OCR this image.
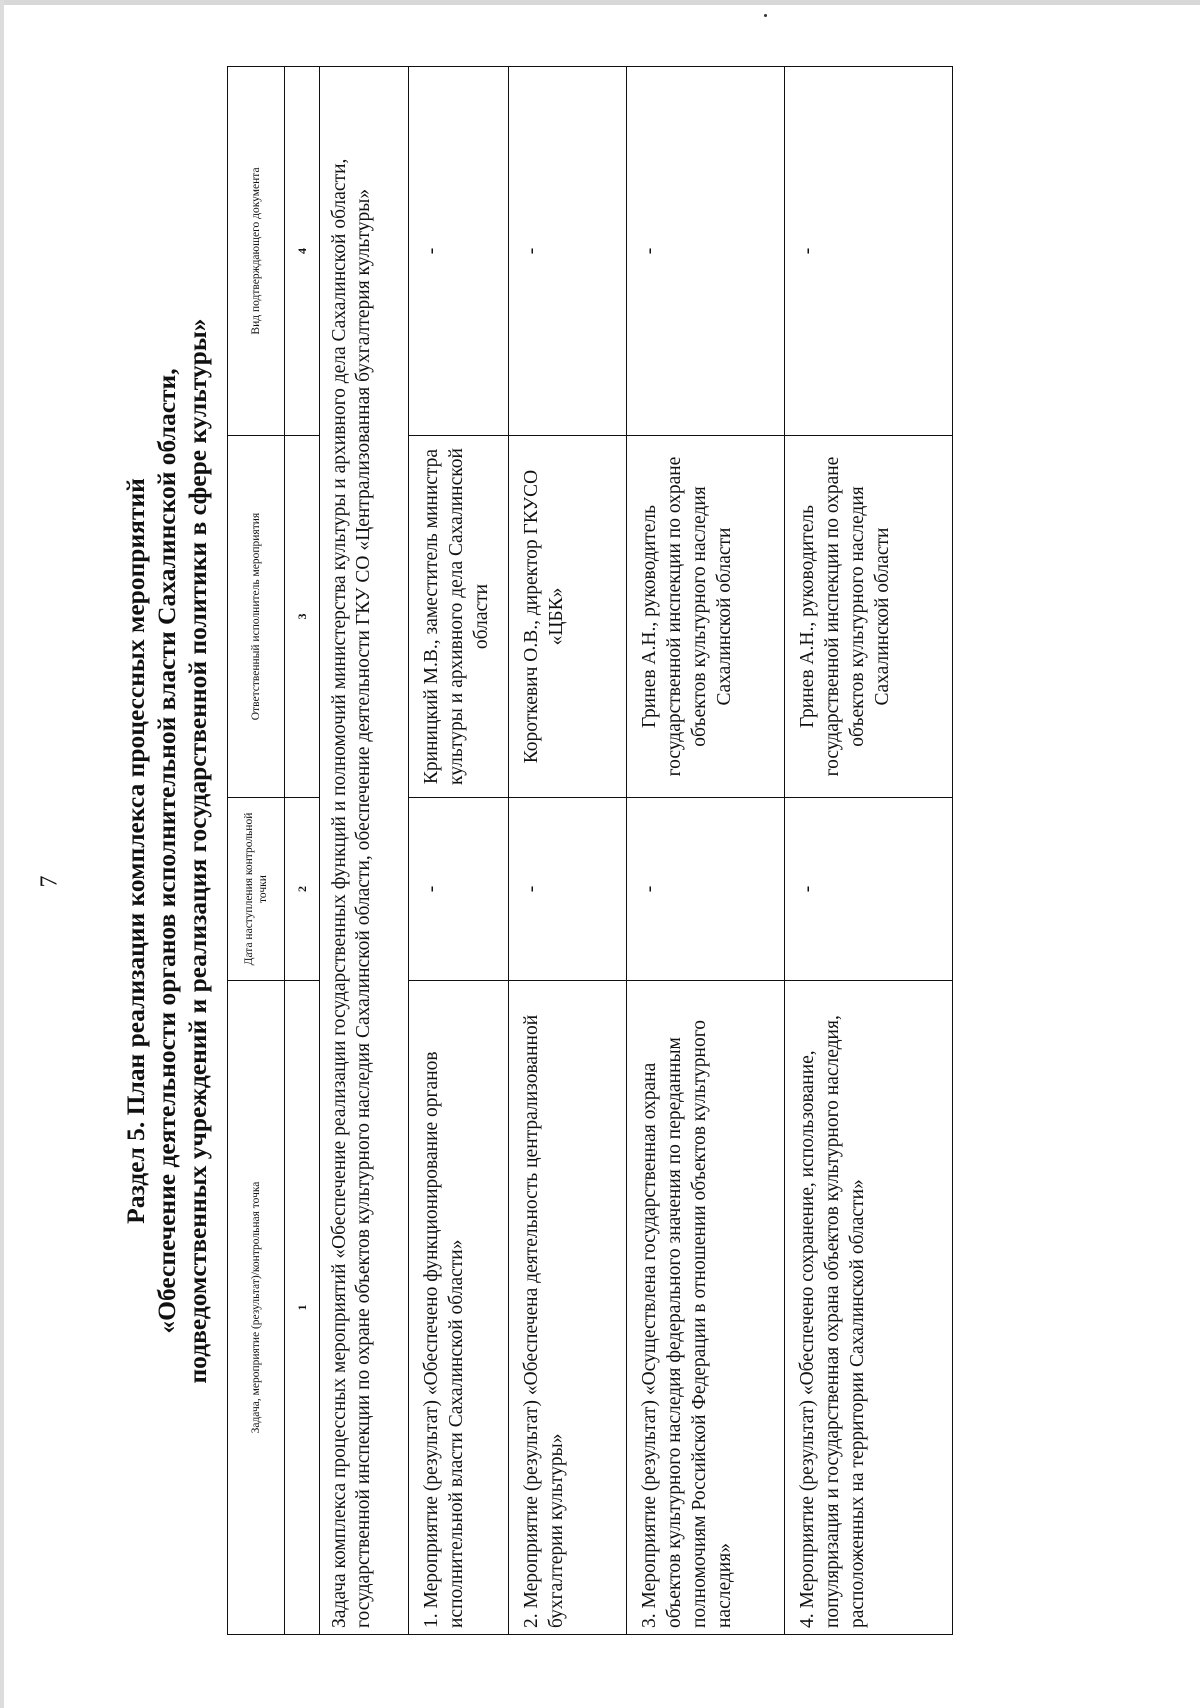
7 Раздел 5. План реализации комплекса процессных мероприятий «Обеспечение деятельности органов исполнительной власти Сахалинской области, подведомственных учреждений и реализация государственной политики в сфере культуры»	Задача, мероприятие (результат)/контрольная точка	Дата наступления контрольной точки	Ответственный исполнитель мероприятия	Вид подтверждающего документа
1	2	3	4
Задача комплекса процессных мероприятий «Обеспечение реализации государственных функций и полномочий министерства культуры и архивного дела Сахалинской области, государственной инспекции по охране объектов культурного наследия Сахалинской области, обеспечение деятельности ГКУ СО «Централизованная бухгалтерия культуры»			
1. Мероприятие (результат) «Обеспечено функционирование органов исполнительной власти Сахалинской области»	-	Криницкий М.В., заместитель министра культуры и архивного дела Сахалинской области	-
2. Мероприятие (результат) «Обеспечена деятельность централизованной бухгалтерии культуры»	-	Короткевич О.В., директор ГКУСО «ЦБК»	-
3. Мероприятие (результат) «Осуществлена государственная охрана объектов культурного наследия федерального значения по переданным полномочиям Российской Федерации в отношении объектов культурного наследия»	-	Гринев А.Н., руководитель государственной инспекции по охране объектов культурного наследия Сахалинской области	-
4. Мероприятие (результат) «Обеспечено сохранение, использование, популяризация и государственная охрана объектов культурного наследия, расположенных на территории Сахалинской области»	-	Гринев А.Н., руководитель государственной инспекции по охране объектов культурного наследия Сахалинской области	-
